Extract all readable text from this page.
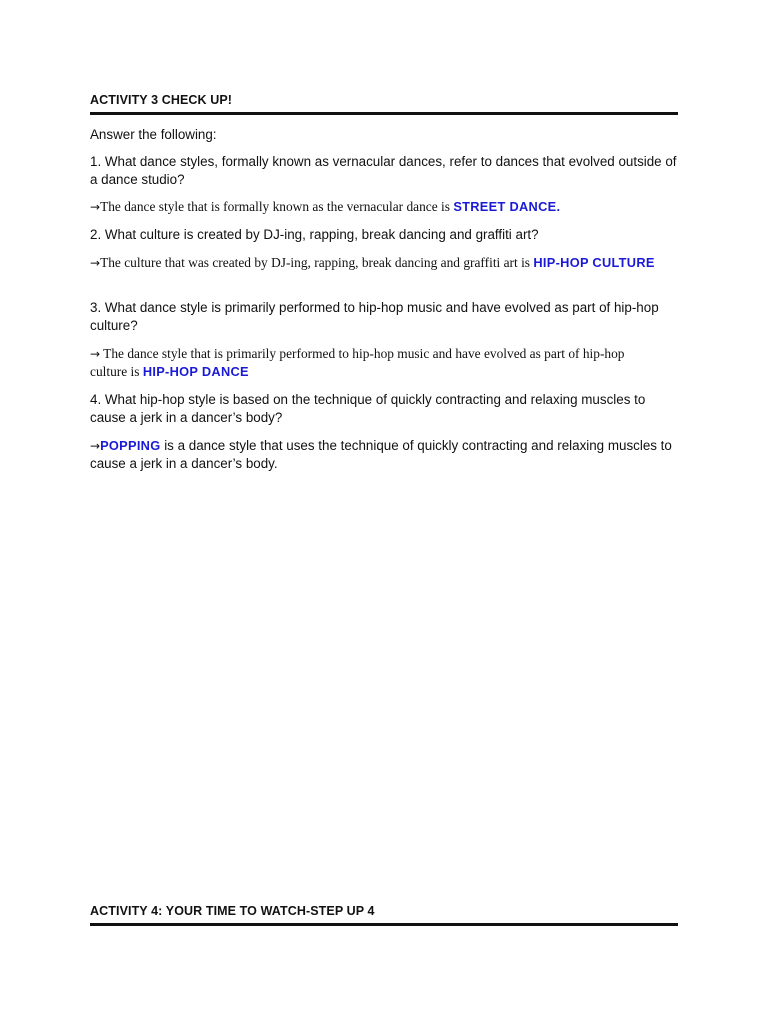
ACTIVITY 3 CHECK UP!
Answer the following:
1. What dance styles, formally known as vernacular dances, refer to dances that evolved outside of a dance studio?
→The dance style that is formally known as the vernacular dance is STREET DANCE.
2. What culture is created by DJ-ing, rapping, break dancing and graffiti art?
→The culture that was created by DJ-ing, rapping, break dancing and graffiti art is HIP-HOP CULTURE
3. What dance style is primarily performed to hip-hop music and have evolved as part of hip-hop culture?
→ The dance style that is primarily performed to hip-hop music and have evolved as part of hip-hop culture is HIP-HOP DANCE
4. What hip-hop style is based on the technique of quickly contracting and relaxing muscles to cause a jerk in a dancer’s body?
→POPPING is a dance style that uses the technique of quickly contracting and relaxing muscles to cause a jerk in a dancer’s body.
ACTIVITY 4: YOUR TIME TO WATCH-STEP UP 4
